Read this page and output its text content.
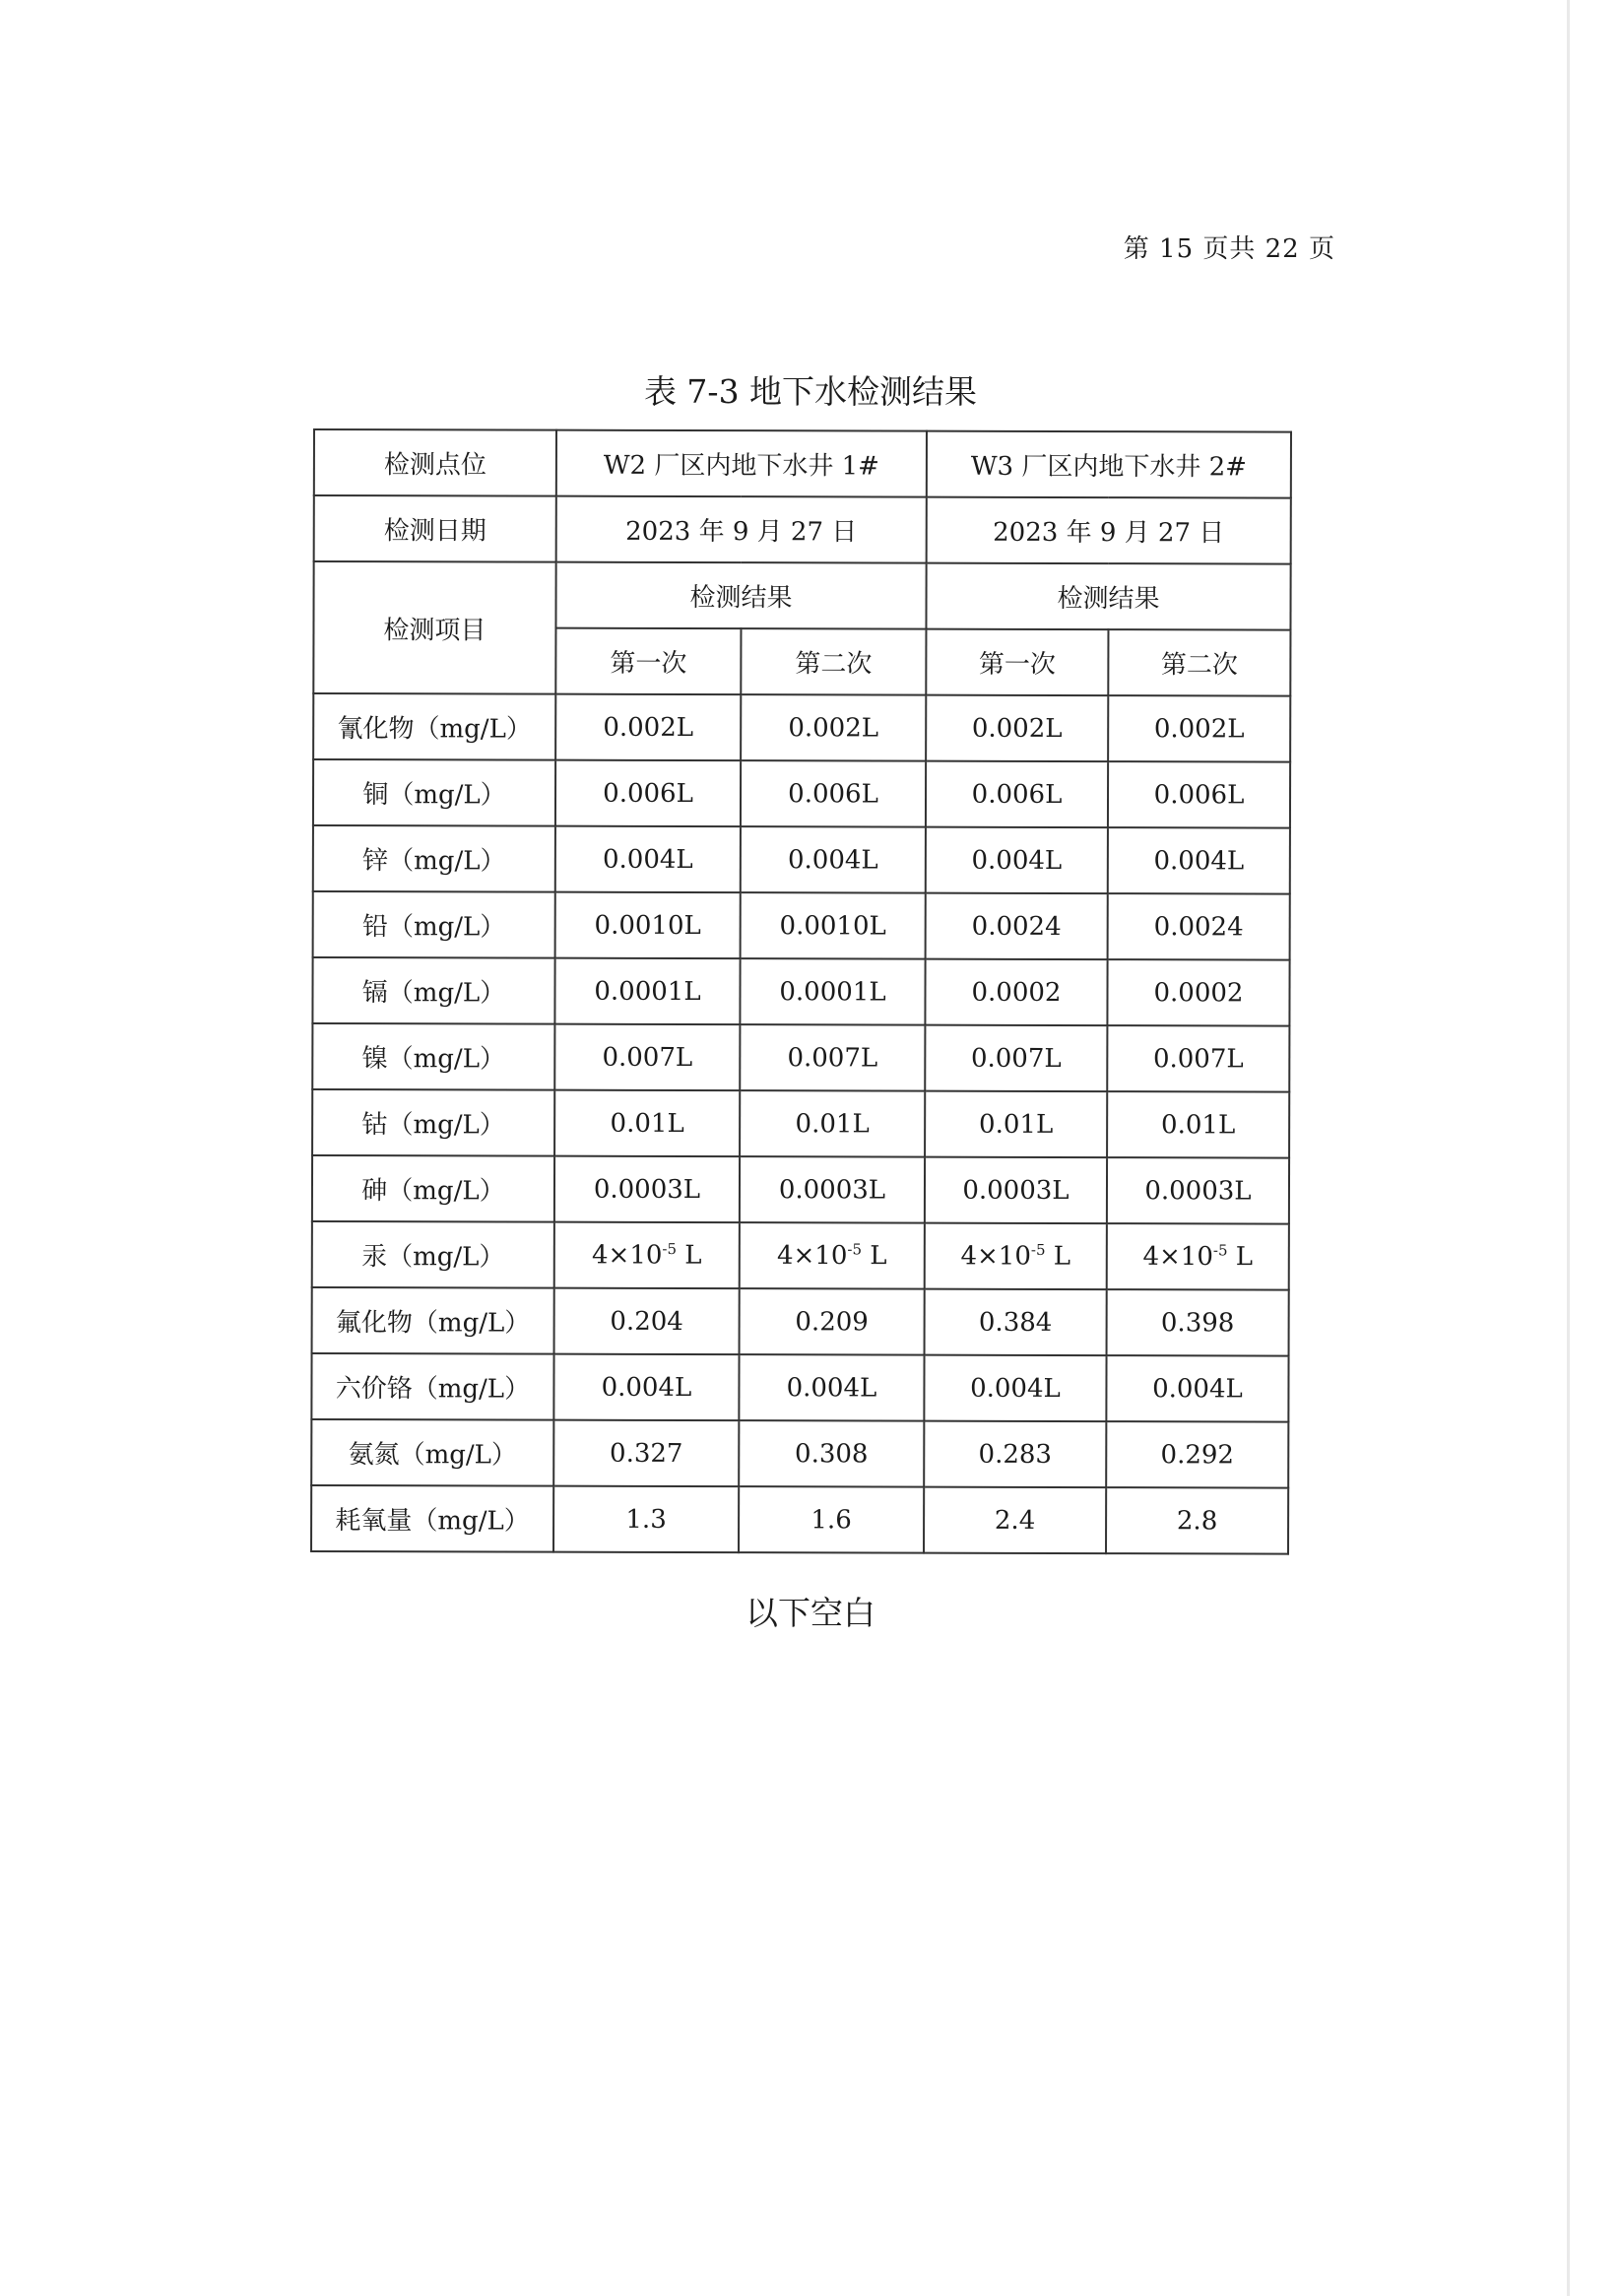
第 15 页共 22 页
表 7-3 地下水检测结果
检测点位	W2 厂区内地下水井 1#		W3 厂区内地下水井 2#	
检测日期	2023 年 9 月 27 日		2023 年 9 月 27 日	
检测项目	检测结果		检测结果	
	第一次	第二次	第一次	第二次
氰化物（mg/L）	0.002L	0.002L	0.002L	0.002L
铜（mg/L）	0.006L	0.006L	0.006L	0.006L
锌（mg/L）	0.004L	0.004L	0.004L	0.004L
铅（mg/L）	0.0010L	0.0010L	0.0024	0.0024
镉（mg/L）	0.0001L	0.0001L	0.0002	0.0002
镍（mg/L）	0.007L	0.007L	0.007L	0.007L
钴（mg/L）	0.01L	0.01L	0.01L	0.01L
砷（mg/L）	0.0003L	0.0003L	0.0003L	0.0003L
汞（mg/L）	$4\times 10^{-5}$ L	$4\times 10^{-5}$ L	$4\times 10^{-5}$ L	$4\times 10^{-5}$ L
氟化物（mg/L）	0.204	0.209	0.384	0.398
六价铬（mg/L）	0.004L	0.004L	0.004L	0.004L
氨氮（mg/L）	0.327	0.308	0.283	0.292
耗氧量（mg/L）	1.3	1.6	2.4	2.8
以下空白
